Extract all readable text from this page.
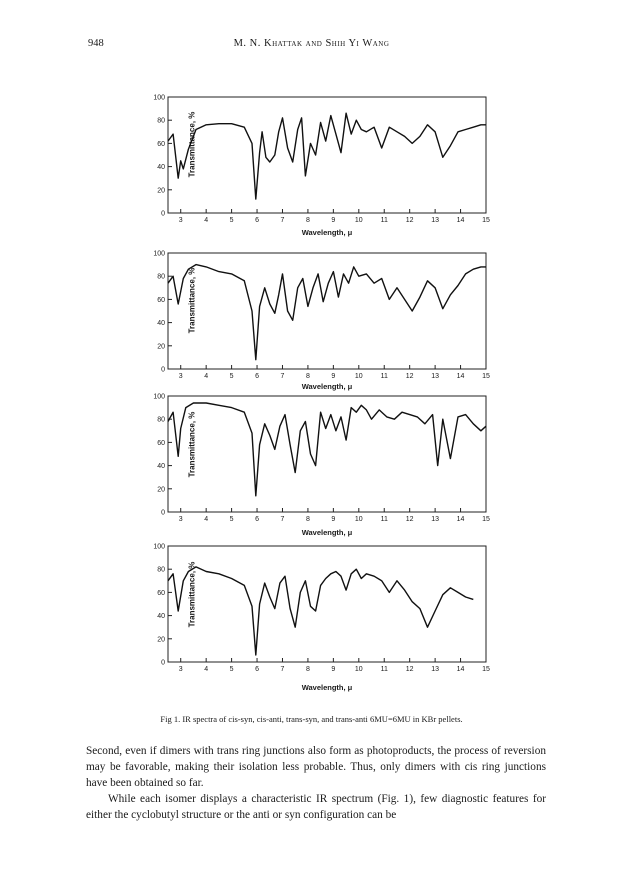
948	M. N. Khattak and Shih Yi Wang
Transmittance, %
3	4	5	6	7	8	9	10	11	12	13	14	15
0
20
40
60
80
100
Wavelength, μ
Transmittance, %
3	4	5	6	7	8	9	10	11	12	13	14	15
0
20
40
60
80
100
Wavelength, μ
Transmittance, %
3	4	5	6	7	8	9	10	11	12	13	14	15
0
20
40
60
80
100
Wavelength, μ
Transmittance, %
3	4	5	6	7	8	9	10	11	12	13	14	15
0
20
40
60
80
100
Wavelength, μ
Fig 1. IR spectra of cis-syn, cis-anti, trans-syn, and trans-anti 6MU=6MU in KBr pellets.

Second, even if dimers with trans ring junctions also form as photoproducts, the process of reversion may be favorable, making their isolation less probable. Thus, only dimers with cis ring junctions have been obtained so far.

While each isomer displays a characteristic IR spectrum (Fig. 1), few diagnostic features for either the cyclobutyl structure or the anti or syn configuration can be
